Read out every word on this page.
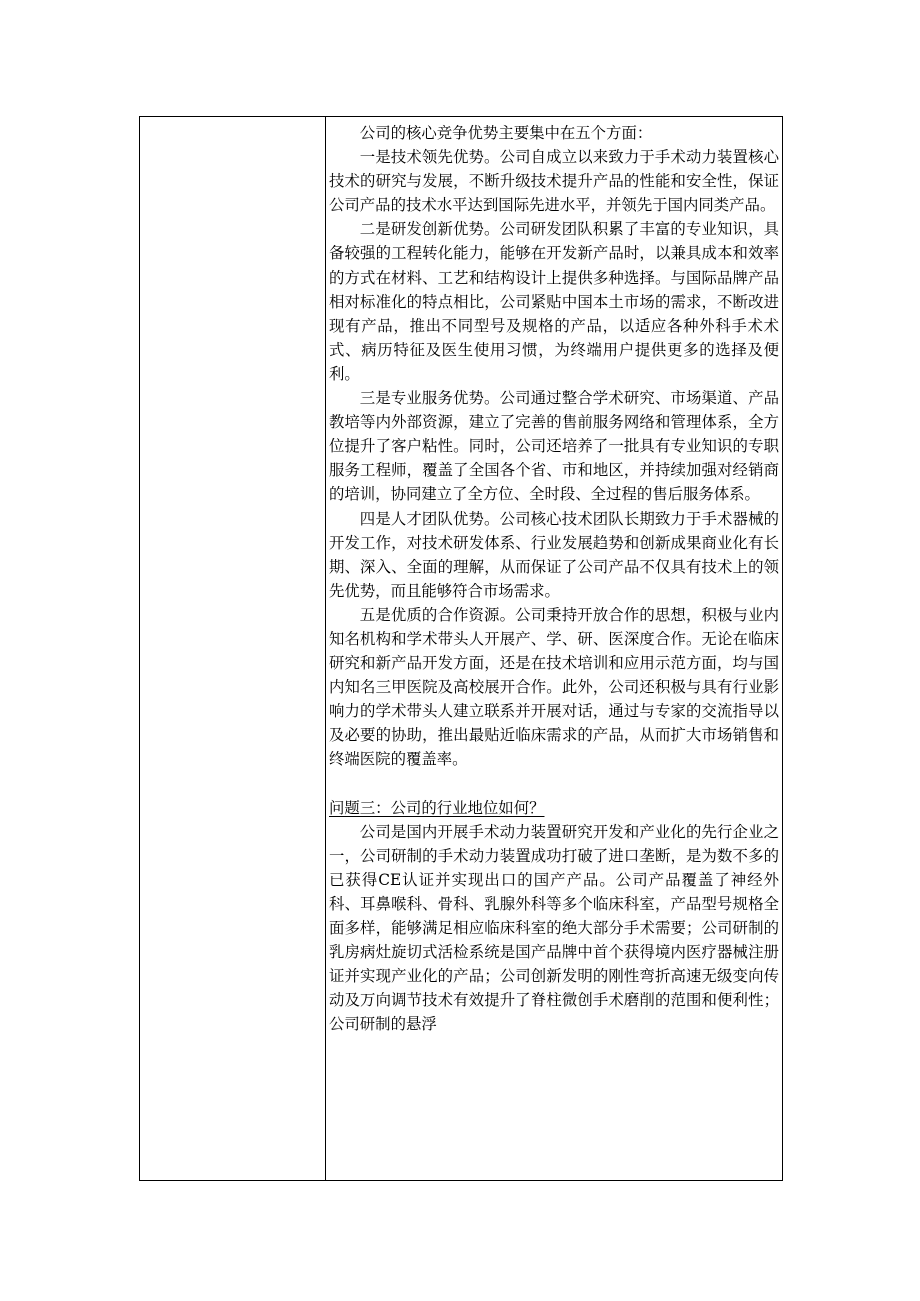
公司的核心竞争优势主要集中在五个方面：

一是技术领先优势。公司自成立以来致力于手术动力装置核心技术的研究与发展，不断升级技术提升产品的性能和安全性，保证公司产品的技术水平达到国际先进水平，并领先于国内同类产品。

二是研发创新优势。公司研发团队积累了丰富的专业知识，具备较强的工程转化能力，能够在开发新产品时，以兼具成本和效率的方式在材料、工艺和结构设计上提供多种选择。与国际品牌产品相对标准化的特点相比，公司紧贴中国本土市场的需求，不断改进现有产品，推出不同型号及规格的产品，以适应各种外科手术术式、病历特征及医生使用习惯，为终端用户提供更多的选择及便利。

三是专业服务优势。公司通过整合学术研究、市场渠道、产品教培等内外部资源，建立了完善的售前服务网络和管理体系，全方位提升了客户粘性。同时，公司还培养了一批具有专业知识的专职服务工程师，覆盖了全国各个省、市和地区，并持续加强对经销商的培训，协同建立了全方位、全时段、全过程的售后服务体系。

四是人才团队优势。公司核心技术团队长期致力于手术器械的开发工作，对技术研发体系、行业发展趋势和创新成果商业化有长期、深入、全面的理解，从而保证了公司产品不仅具有技术上的领先优势，而且能够符合市场需求。

五是优质的合作资源。公司秉持开放合作的思想，积极与业内知名机构和学术带头人开展产、学、研、医深度合作。无论在临床研究和新产品开发方面，还是在技术培训和应用示范方面，均与国内知名三甲医院及高校展开合作。此外，公司还积极与具有行业影响力的学术带头人建立联系并开展对话，通过与专家的交流指导以及必要的协助，推出最贴近临床需求的产品，从而扩大市场销售和终端医院的覆盖率。

问题三：公司的行业地位如何？

公司是国内开展手术动力装置研究开发和产业化的先行企业之一，公司研制的手术动力装置成功打破了进口垄断，是为数不多的已获得CE认证并实现出口的国产产品。公司产品覆盖了神经外科、耳鼻喉科、骨科、乳腺外科等多个临床科室，产品型号规格全面多样，能够满足相应临床科室的绝大部分手术需要；公司研制的乳房病灶旋切式活检系统是国产品牌中首个获得境内医疗器械注册证并实现产业化的产品；公司创新发明的刚性弯折高速无级变向传动及万向调节技术有效提升了脊柱微创手术磨削的范围和便利性；公司研制的悬浮
